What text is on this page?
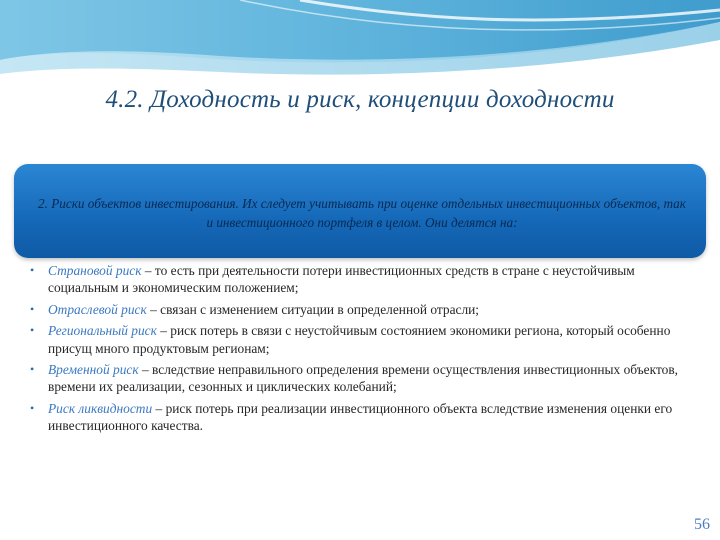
4.2. Доходность и риск, концепции доходности
2. Риски объектов инвестирования. Их следует учитывать при оценке отдельных инвестиционных объектов, так и инвестиционного портфеля в целом. Они делятся на:
• Страновой риск – то есть при деятельности потери инвестиционных средств в стране с неустойчивым социальным и экономическим положением;
• Отраслевой риск – связан с изменением ситуации в определенной отрасли;
• Региональный риск – риск потерь в связи с неустойчивым состоянием экономики региона, который особенно присущ много продуктовым регионам;
• Временной риск – вследствие неправильного определения времени осуществления инвестиционных объектов, времени их реализации, сезонных и циклических колебаний;
• Риск ликвидности – риск потерь при реализации инвестиционного объекта вследствие изменения оценки его инвестиционного качества.
56
